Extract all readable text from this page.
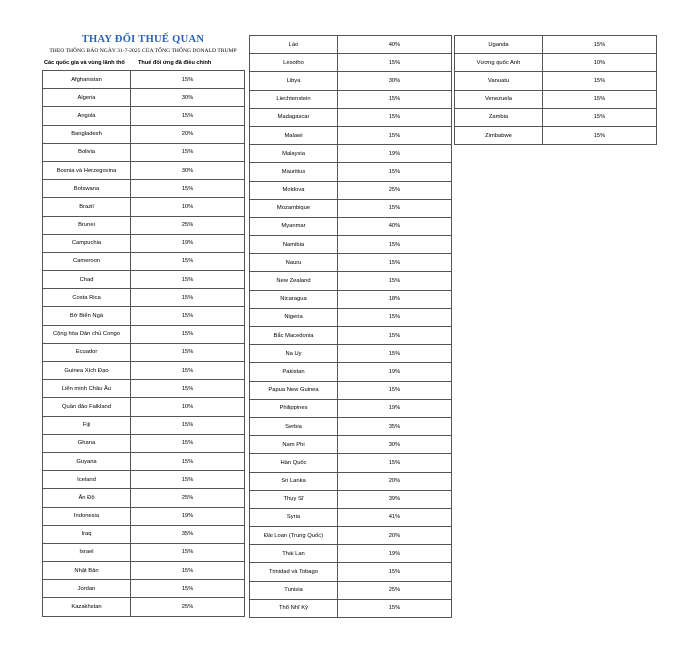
THAY ĐỔI THUẾ QUAN
THEO THÔNG BÁO NGÀY 31-7-2025 CỦA TỔNG THỐNG DONALD TRUMP
Các quốc gia và vùng lãnh thổ Thuế đối ứng đã điều chỉnh
Afghanistan	15%
Algeria	30%
Angola	15%
Bangladesh	20%
Bolivia	15%
Bosnia và Herzegovina	30%
Botswana	15%
Brazil	10%
Brunei	25%
Campuchia	19%
Cameroon	15%
Chad	15%
Costa Rica	15%
Bờ Biển Ngà	15%
Cộng hòa Dân chủ Congo	15%
Ecuador	15%
Guinea Xích Đạo	15%
Liên minh Châu Âu	15%
Quần đảo Falkland	10%
Fiji	15%
Ghana	15%
Guyana	15%
Iceland	15%
Ấn Độ	25%
Indonesia	19%
Iraq	35%
Israel	15%
Nhật Bản	15%
Jordan	15%
Kazakhstan	25%
Lào	40%
Lesotho	15%
Libya	30%
Liechtenstein	15%
Madagascar	15%
Malawi	15%
Malaysia	19%
Mauritius	15%
Moldova	25%
Mozambique	15%
Myanmar	40%
Namibia	15%
Nauru	15%
New Zealand	15%
Nicaragua	18%
Nigeria	15%
Bắc Macedonia	15%
Na Uy	15%
Pakistan	19%
Papua New Guinea	15%
Philippines	19%
Serbia	35%
Nam Phi	30%
Hàn Quốc	15%
Sri Lanka	20%
Thụy Sĩ	39%
Syria	41%
Đài Loan (Trung Quốc)	20%
Thái Lan	19%
Trinidad và Tobago	15%
Tunisia	25%
Thổ Nhĩ Kỳ	15%
Uganda	15%
Vương quốc Anh	10%
Vanuatu	15%
Venezuela	15%
Zambia	15%
Zimbabwe	15%
